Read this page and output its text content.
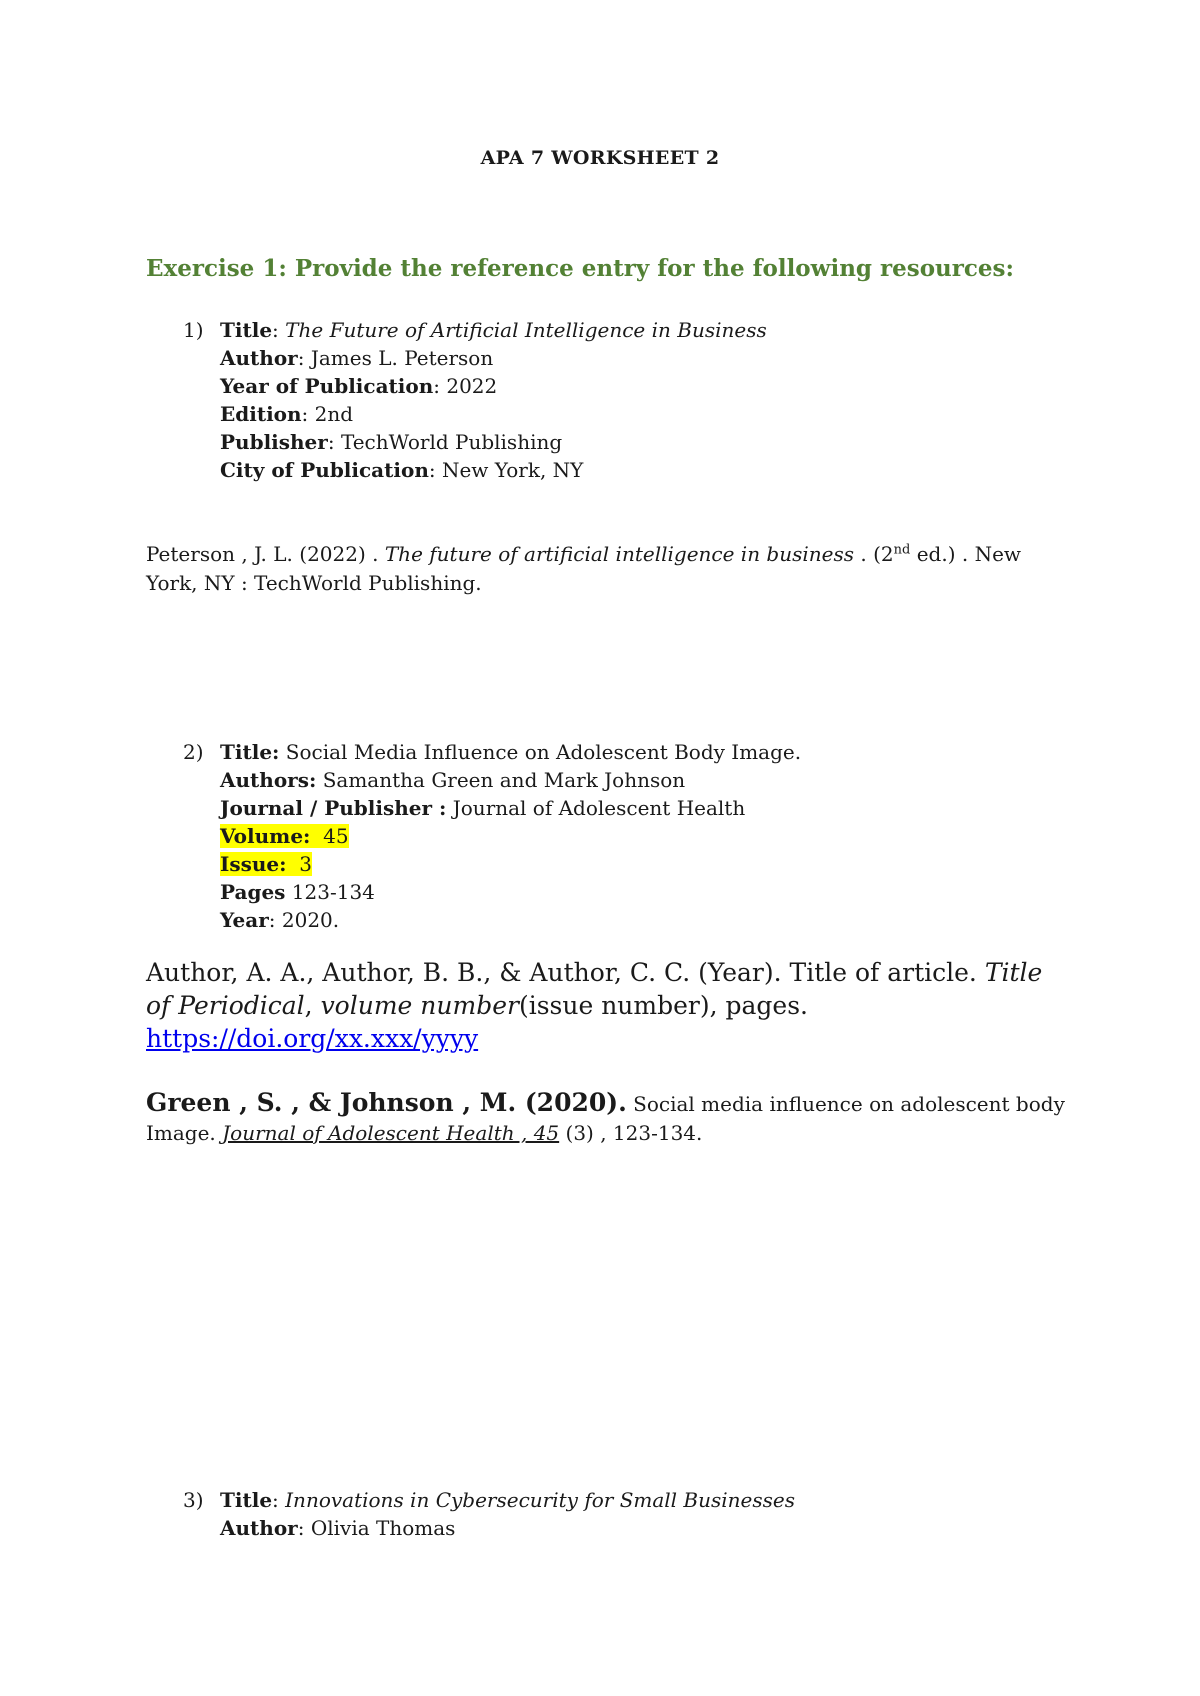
APA 7 WORKSHEET 2
Exercise 1: Provide the reference entry for the following resources:
1) Title: The Future of Artificial Intelligence in Business
Author: James L. Peterson
Year of Publication: 2022
Edition: 2nd
Publisher: TechWorld Publishing
City of Publication: New York, NY
Peterson , J. L. (2022) . The future of artificial intelligence in business . (2nd ed.) . New York, NY : TechWorld Publishing.
2) Title: Social Media Influence on Adolescent Body Image.
Authors: Samantha Green and Mark Johnson
Journal / Publisher : Journal of Adolescent Health
Volume: 45
Issue: 3
Pages 123-134
Year: 2020.
Author, A. A., Author, B. B., & Author, C. C. (Year). Title of article. Title of Periodical, volume number(issue number), pages.
https://doi.org/xx.xxx/yyyy
Green , S. , & Johnson , M. (2020). Social media influence on adolescent body Image. Journal of Adolescent Health , 45 (3) , 123-134.
3) Title: Innovations in Cybersecurity for Small Businesses
Author: Olivia Thomas
